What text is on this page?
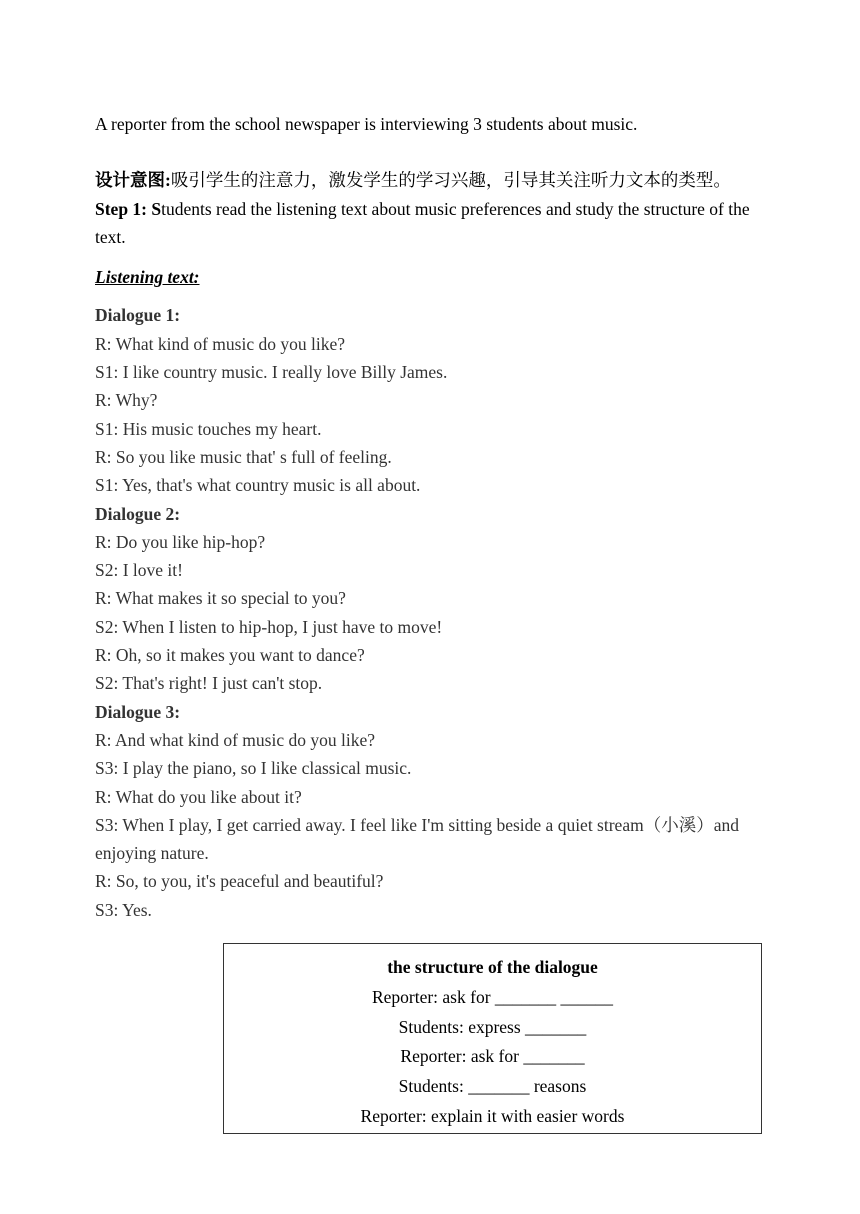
A reporter from the school newspaper is interviewing 3 students about music.

设计意图:吸引学生的注意力，激发学生的学习兴趣，引导其关注听力文本的类型。

Step 1: Students read the listening text about music preferences and study the structure of the text.

Listening text:

Dialogue 1:
R: What kind of music do you like?
S1: I like country music. I really love Billy James.
R: Why?
S1: His music touches my heart.
R: So you like music that' s full of feeling.
S1: Yes, that's what country music is all about.
Dialogue 2:
R: Do you like hip-hop?
S2: I love it!
R: What makes it so special to you?
S2: When I listen to hip-hop, I just have to move!
R: Oh, so it makes you want to dance?
S2: That's right! I just can't stop.
Dialogue 3:
R: And what kind of music do you like?
S3: I play the piano, so I like classical music.
R: What do you like about it?
S3: When I play, I get carried away. I feel like I'm sitting beside a quiet stream（小溪）and enjoying nature.
R: So, to you, it's peaceful and beautiful?
S3: Yes.
the structure of the dialogue
Reporter: ask for _______ ______
Students: express _______
Reporter: ask for _______
Students: _______ reasons
Reporter: explain it with easier words
